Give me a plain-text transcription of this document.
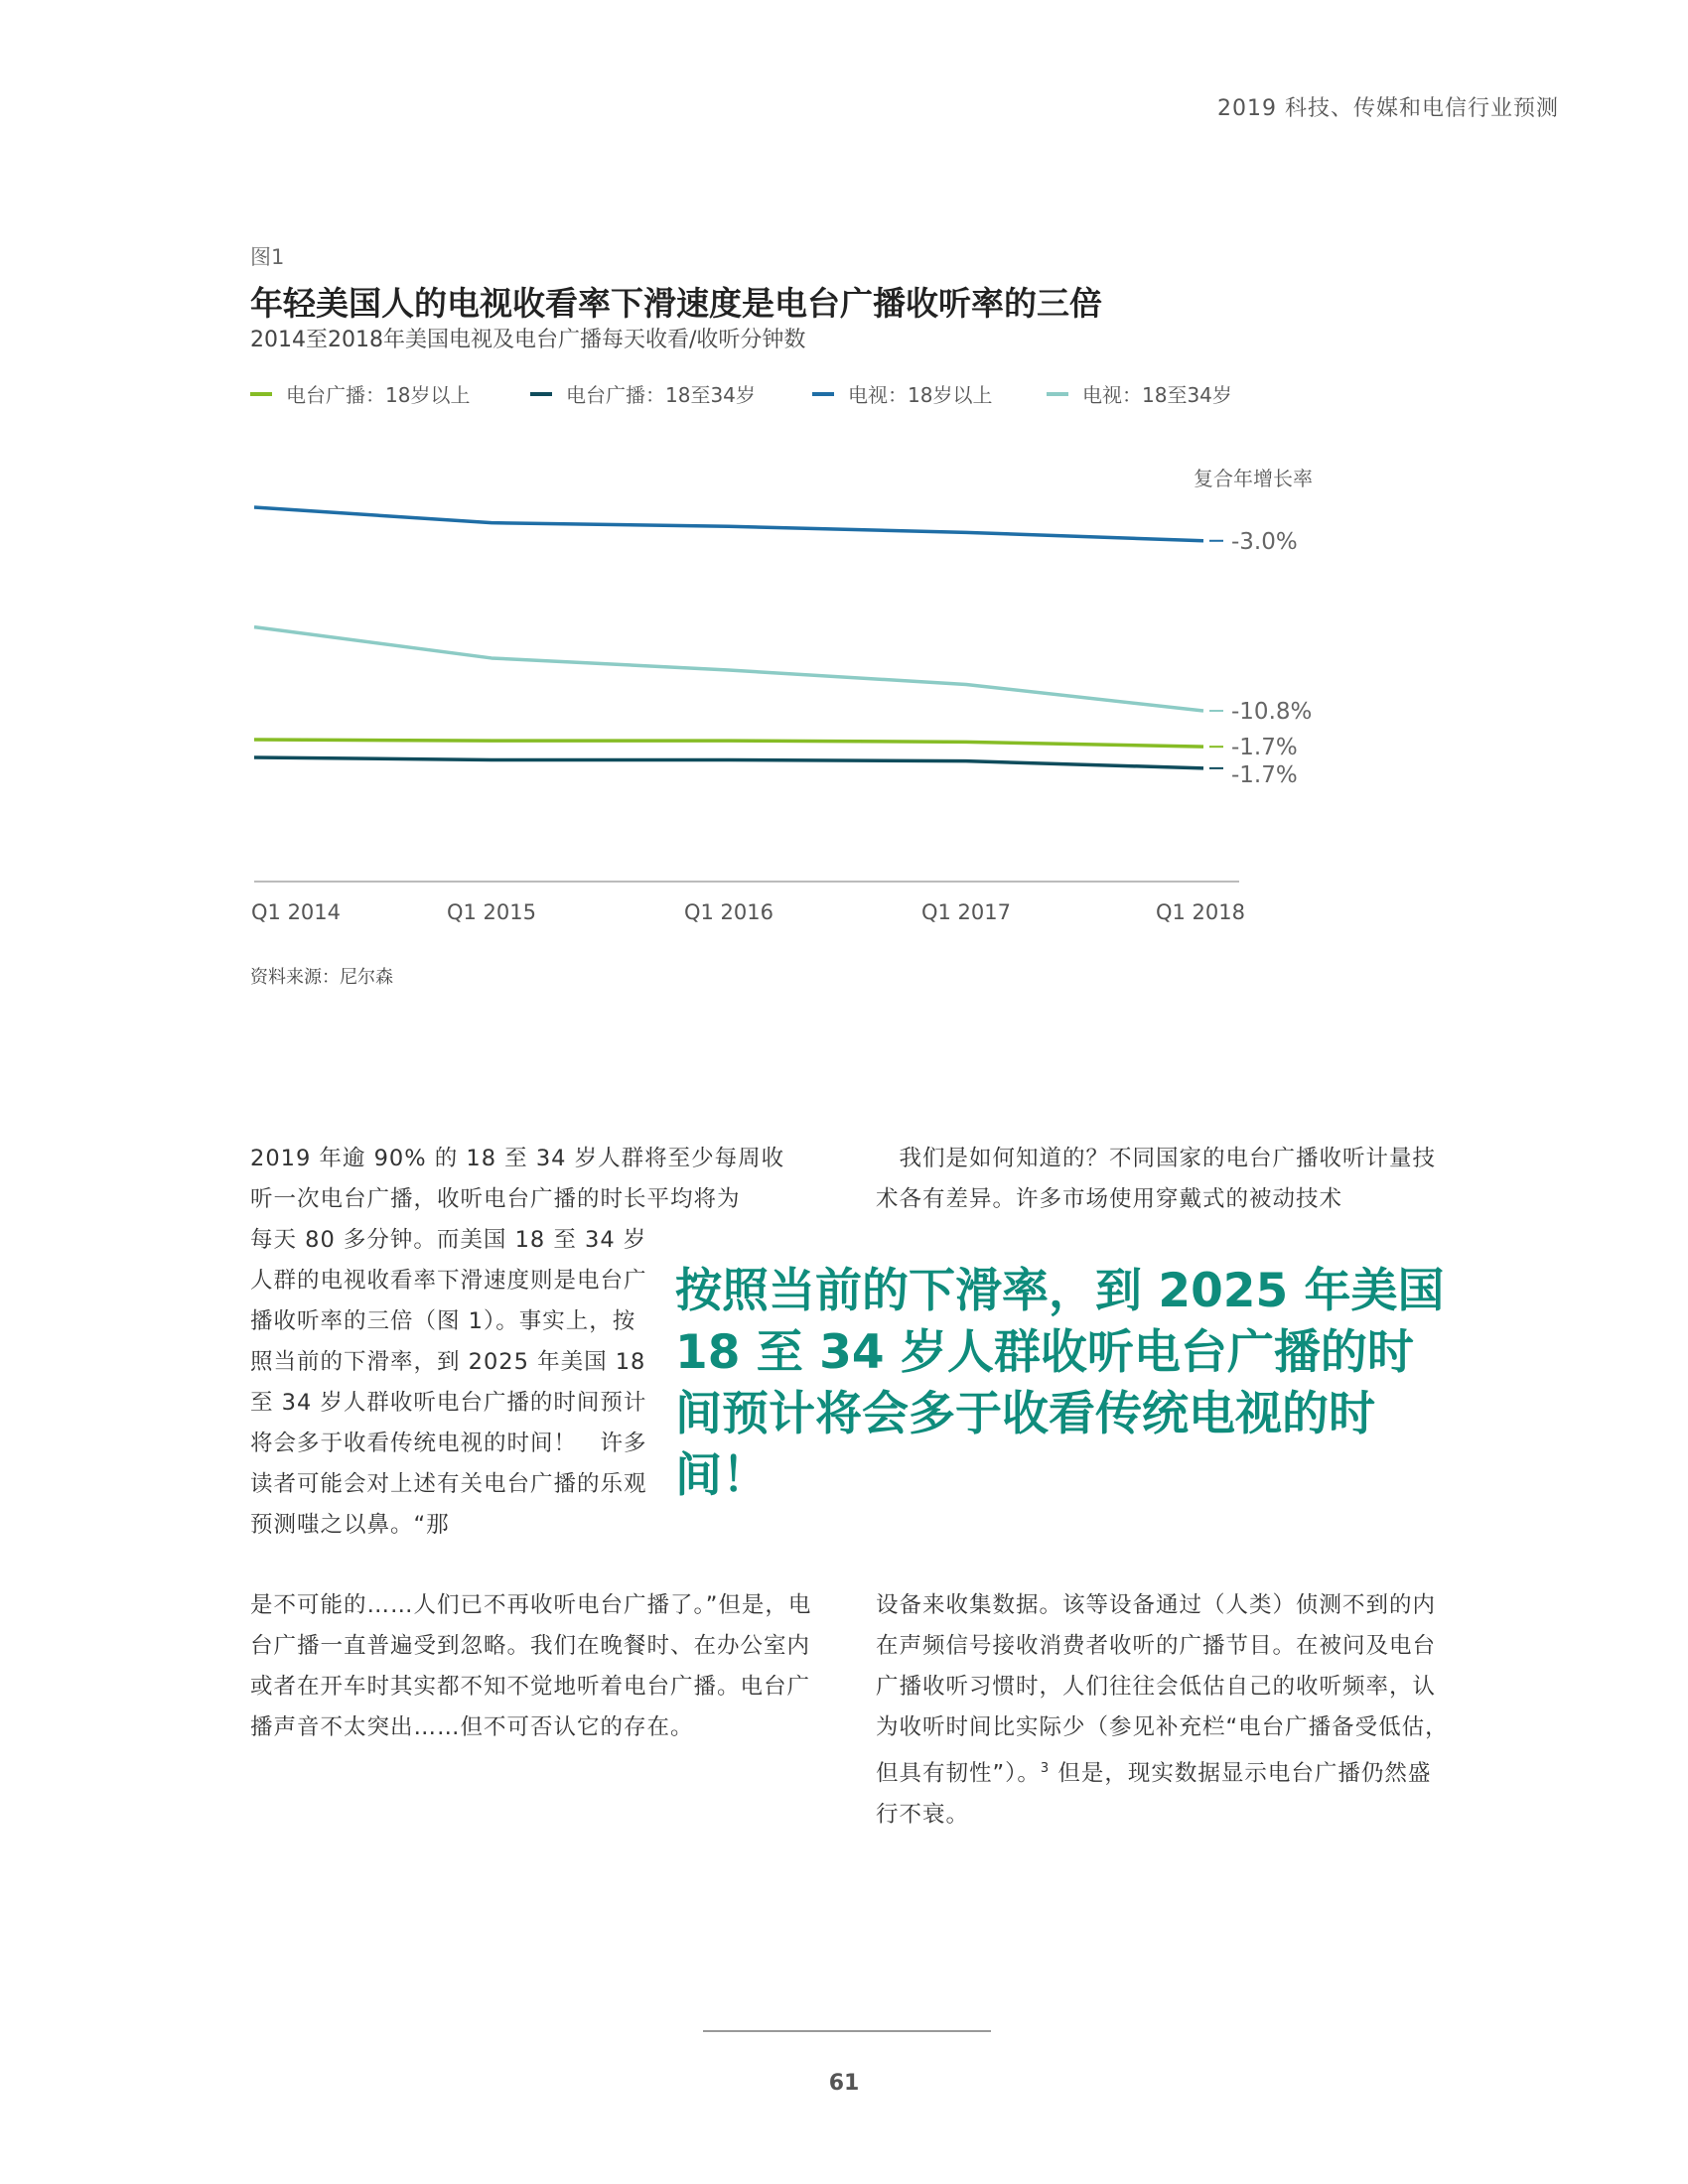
2019 科技、传媒和电信行业预测
图1
年轻美国人的电视收看率下滑速度是电台广播收听率的三倍
2014至2018年美国电视及电台广播每天收看/收听分钟数
电台广播：18岁以上	电台广播：18至34岁	电视：18岁以上	电视：18至34岁
复合年增长率
Q1 2014	Q1 2015	Q1 2016	Q1 2017	Q1 2018
-3.0%
-10.8%
-1.7%
-1.7%
资料来源：尼尔森

2019 年逾 90% 的 18 至 34 岁人群将至少每周收听一次电台广播，收听电台广播的时长平均将为

每天 80 多分钟。而美国 18 至 34 岁人群的电视收看率下滑速度则是电台广播收听率的三倍（图 1）。事实上，按照当前的下滑率，到 2025 年美国 18 至 34 岁人群收听电台广播的时间预计将会多于收看传统电视的时间！　许多读者可能会对上述有关电台广播的乐观预测嗤之以鼻。“那

是不可能的……人们已不再收听电台广播了。”但是，电台广播一直普遍受到忽略。我们在晚餐时、在办公室内或者在开车时其实都不知不觉地听着电台广播。电台广播声音不太突出……但不可否认它的存在。

　我们是如何知道的？不同国家的电台广播收听计量技术各有差异。许多市场使用穿戴式的被动技术

设备来收集数据。该等设备通过（人类）侦测不到的内在声频信号接收消费者收听的广播节目。在被问及电台广播收听习惯时，人们往往会低估自己的收听频率，认为收听时间比实际少（参见补充栏“电台广播备受低估，但具有韧性”）。$^3$ 但是，现实数据显示电台广播仍然盛行不衰。

按照当前的下滑率，到 2025 年美国 18 至 34 岁人群收听电台广播的时间预计将会多于收看传统电视的时间！
61
